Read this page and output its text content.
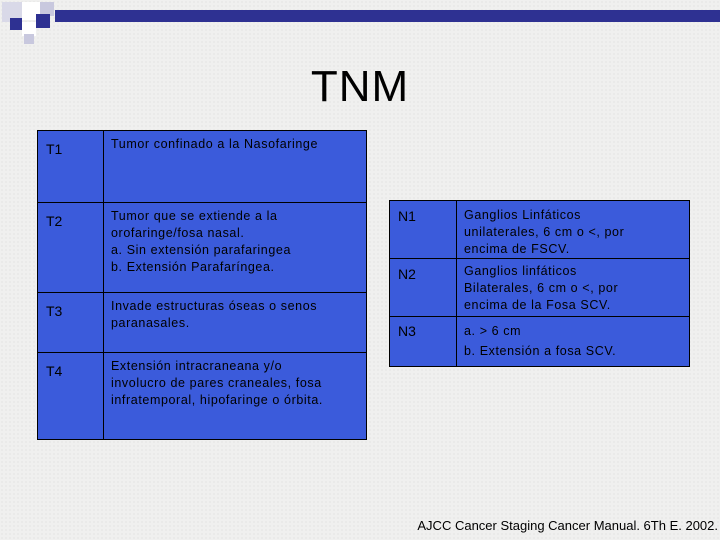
TNM
T1	Tumor confinado a la Nasofaringe

T2	Tumor que se extiende a la
orofaringe/fosa nasal.
a. Sin extensión parafaringea
b. Extensión Parafaríngea.

T3	Invade estructuras óseas o senos
paranasales.

T4	Extensión intracraneana y/o
involucro de pares craneales, fosa
infratemporal, hipofaringe o órbita.
N1	Ganglios Linfáticos
unilaterales, 6 cm o <, por
encima de FSCV.

N2	Ganglios linfáticos
Bilaterales, 6 cm o <, por
encima de la Fosa SCV.

N3	a. > 6 cm
b. Extensión a fosa SCV.
AJCC Cancer Staging Cancer Manual. 6Th E. 2002.
